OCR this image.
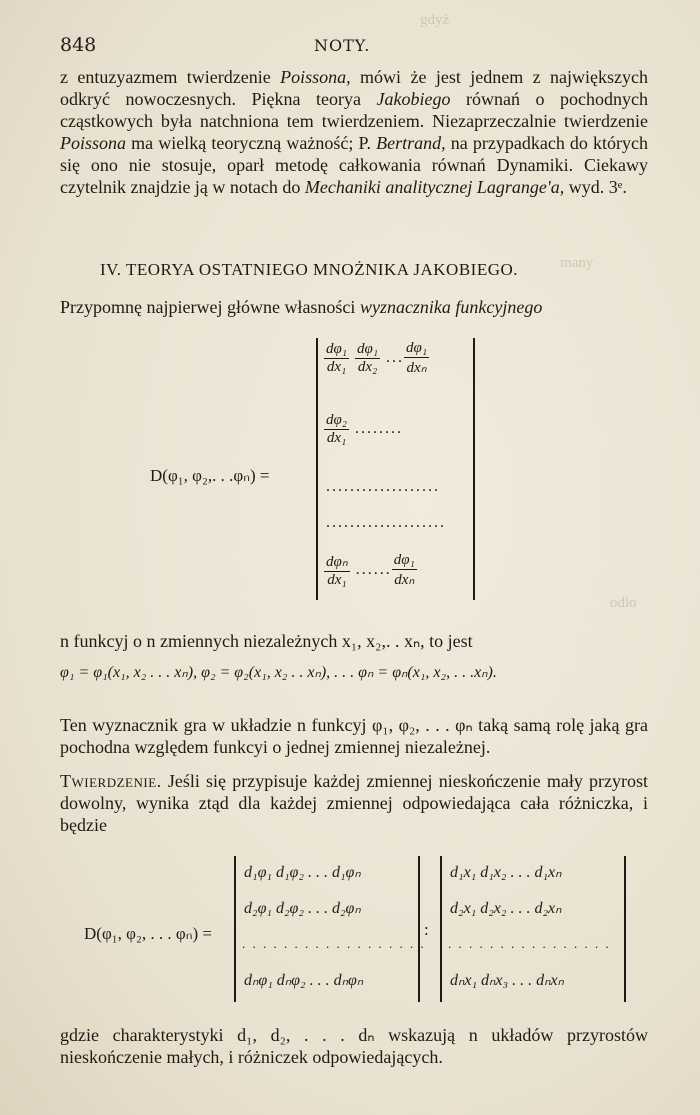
gdyż
many
odlo
848	NOTY.
z entuzyazmem twierdzenie Poissona, mówi że jest jednem z największych odkryć nowoczesnych. Piękna teorya Jakobiego równań o pochodnych cząstkowych była natchniona tem twierdzeniem. Niezaprzeczalnie twierdzenie Poissona ma wielką teoryczną ważność; P. Bertrand, na przypadkach do których się ono nie stosuje, oparł metodę całkowania równań Dynamiki. Ciekawy czytelnik znajdzie ją w notach do Mechaniki analitycznej Lagrange'a, wyd. 3ᵉ.
IV. TEORYA OSTATNIEGO MNOŻNIKA JAKOBIEGO.
Przypomnę najpierwej główne własności wyznacznika funkcyjnego
D(φ₁, φ₂,. . .φₙ) =
$\frac{\text{dφ₁}}{\text{dx₁}} \frac{\text{dφ₁}}{\text{dx₂}}$ ... $\frac{\text{dφ₁}}{\text{dxₙ}}$
$\frac{\text{dφ₂}}{\text{dx₁}}$ ........
...................
....................
$\frac{\text{dφₙ}}{\text{dx₁}}$ ...... $\frac{\text{dφ₁}}{\text{dxₙ}}$
n funkcyj o n zmiennych niezależnych x₁, x₂,. . xₙ, to jest
φ₁ = φ₁(x₁, x₂ . . . xₙ), φ₂ = φ₂(x₁, x₂ . . xₙ), . . . φₙ = φₙ(x₁, x₂, . . .xₙ).
Ten wyznacznik gra w układzie n funkcyj φ₁, φ₂, . . . φₙ taką samą rolę jaką gra pochodna względem funkcyi o jednej zmiennej niezależnej.
Twierdzenie. Jeśli się przypisuje każdej zmiennej nieskończenie mały przyrost dowolny, wynika ztąd dla każdej zmiennej odpowiedająca cała różniczka, i będzie
D(φ₁, φ₂, . . . φₙ) =
d₁φ₁ d₁φ₂ . . . d₁φₙ
d₂φ₁ d₂φ₂ . . . d₂φₙ
. . . . . . . . . . . . . . . . . .
dₙφ₁ dₙφ₂ . . . dₙφₙ
:
d₁x₁ d₁x₂ . . . d₁xₙ
d₂x₁ d₂x₂ . . . d₂xₙ
. . . . . . . . . . . . . . . .
dₙx₁ dₙx₃ . . . dₙxₙ
gdzie charakterystyki d₁, d₂, . . . dₙ wskazują n układów przyrostów nieskończenie małych, i różniczek odpowiedających.
